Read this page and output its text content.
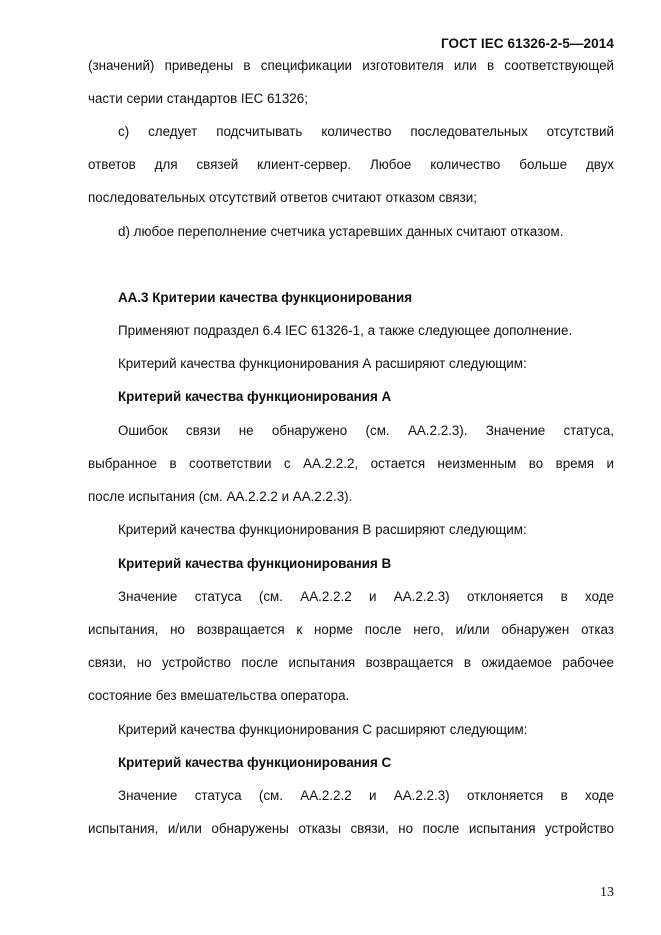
ГОСТ IEC 61326-2-5—2014
(значений) приведены в спецификации изготовителя или в соответствующей
части серии стандартов IEC 61326;
c) следует подсчитывать количество последовательных отсутствий
ответов для связей клиент-сервер. Любое количество больше двух
последовательных отсутствий ответов считают отказом связи;
d) любое переполнение счетчика устаревших данных считают отказом.
АА.3 Критерии качества функционирования
Применяют подраздел 6.4 IEC 61326-1, а также следующее дополнение.
Критерий качества функционирования А расширяют следующим:
Критерий качества функционирования А
Ошибок связи не обнаружено (см. АА.2.2.3). Значение статуса,
выбранное в соответствии с АА.2.2.2, остается неизменным во время и
после испытания (см. АА.2.2.2 и АА.2.2.3).
Критерий качества функционирования В расширяют следующим:
Критерий качества функционирования В
Значение статуса (см. АА.2.2.2 и АА.2.2.3) отклоняется в ходе
испытания, но возвращается к норме после него, и/или обнаружен отказ
связи, но устройство после испытания возвращается в ожидаемое рабочее
состояние без вмешательства оператора.
Критерий качества функционирования С расширяют следующим:
Критерий качества функционирования С
Значение статуса (см. АА.2.2.2 и АА.2.2.3) отклоняется в ходе
испытания, и/или обнаружены отказы связи, но после испытания устройство
13
